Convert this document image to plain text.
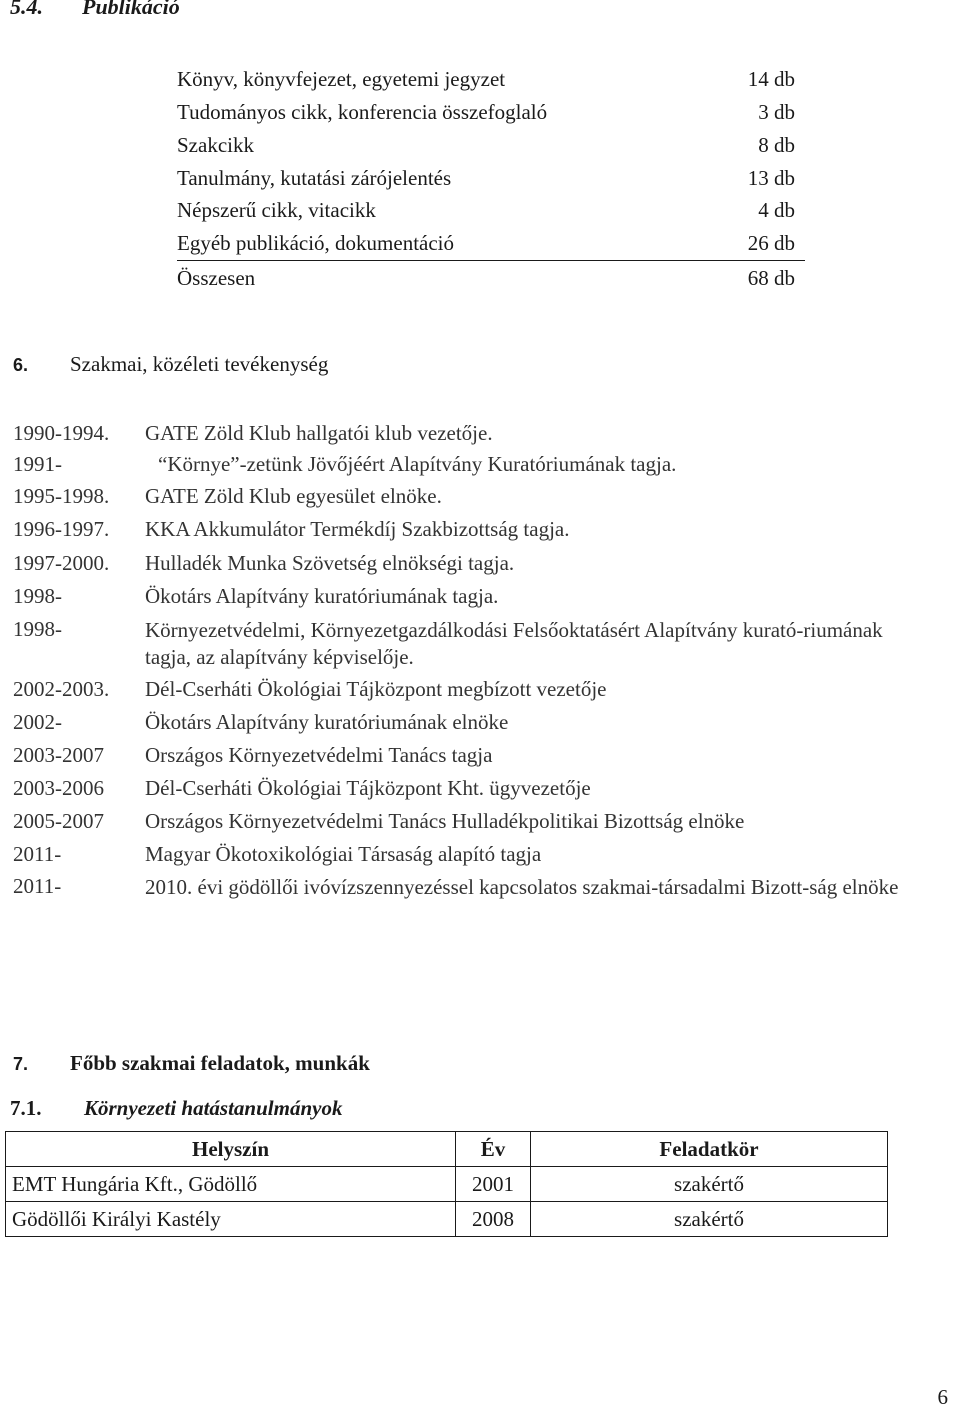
5.4. Publikáció
Könyv, könyvfejezet, egyetemi jegyzet	14 db
Tudományos cikk, konferencia összefoglaló	3 db
Szakcikk	8 db
Tanulmány, kutatási zárójelentés	13 db
Népszerű cikk, vitacikk	4 db
Egyéb publikáció, dokumentáció	26 db
Összesen	68 db
6. Szakmai, közéleti tevékenység
1990-1994. GATE Zöld Klub hallgatói klub vezetője.
1991-	“Környe”-zetünk Jövőjéért Alapítvány Kuratóriumának tagja.
1995-1998. GATE Zöld Klub egyesület elnöke.
1996-1997. KKA Akkumulátor Termékdíj Szakbizottság tagja.
1997-2000. Hulladék Munka Szövetség elnökségi tagja.
1998-	Ökotárs Alapítvány kuratóriumának tagja.
1998-	Környezetvédelmi, Környezetgazdálkodási Felsőoktatásért Alapítvány kurató-riumának tagja, az alapítvány képviselője.
2002-2003. Dél-Cserháti Ökológiai Tájközpont megbízott vezetője
2002-	Ökotárs Alapítvány kuratóriumának elnöke
2003-2007 Országos Környezetvédelmi Tanács tagja
2003-2006 Dél-Cserháti Ökológiai Tájközpont Kht. ügyvezetője
2005-2007 Országos Környezetvédelmi Tanács Hulladékpolitikai Bizottság elnöke
2011-	Magyar Ökotoxikológiai Társaság alapító tagja
2011-	2010. évi gödöllői ivóvízszennyezéssel kapcsolatos szakmai-társadalmi Bizott-ság elnöke
7. Főbb szakmai feladatok, munkák
7.1. Környezeti hatástanulmányok
Helyszín	Év	Feladatkör
EMT Hungária Kft., Gödöllő	2001	szakértő
Gödöllői Királyi Kastély	2008	szakértő
6
